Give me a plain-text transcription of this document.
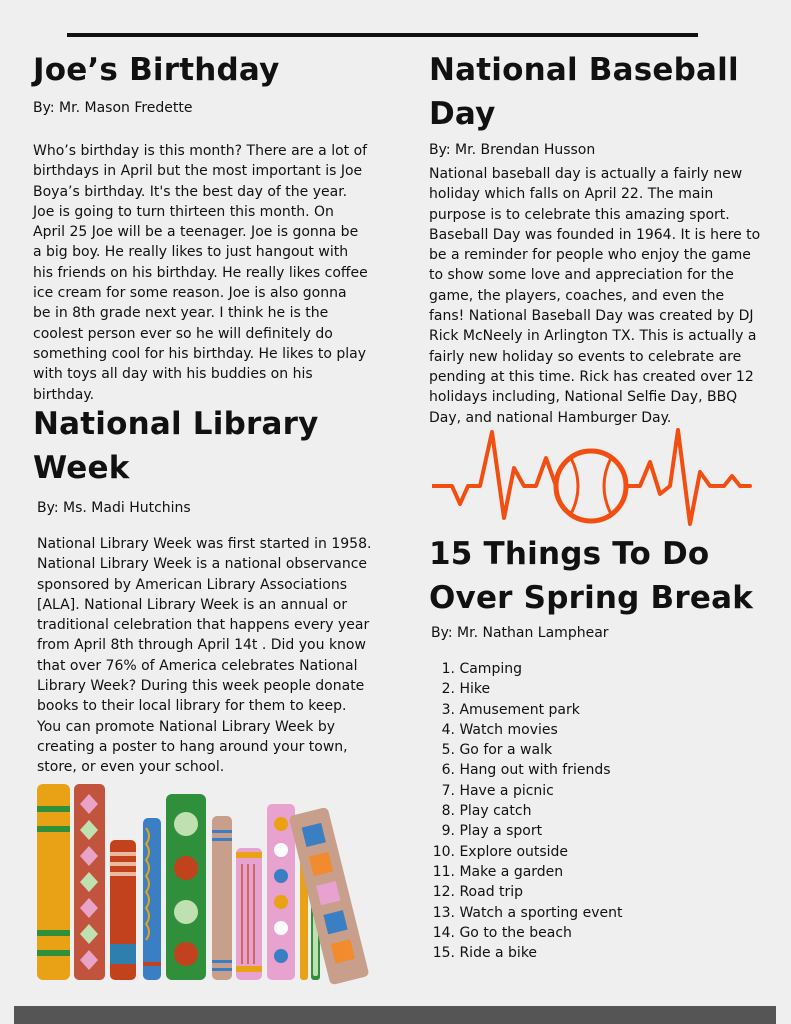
Joe’s Birthday

By: Mr. Mason Fredette

Who’s birthday is this month? There are a lot of birthdays in April but the most important is Joe Boya’s birthday. It's the best day of the year. Joe is going to turn thirteen this month. On April 25 Joe will be a teenager. Joe is gonna be a big boy. He really likes to just hangout with his friends on his birthday. He really likes coffee ice cream for some reason. Joe is also gonna be in 8th grade next year. I think he is the coolest person ever so he will definitely do something cool for his birthday. He likes to play with toys all day with his buddies on his birthday.

National Library Week

By: Ms. Madi Hutchins

National Library Week was first started in 1958. National Library Week is a national observance sponsored by American Library Associations [ALA]. National Library Week is an annual or traditional celebration that happens every year from April 8th through April 14t . Did you know that over 76% of America celebrates National Library Week? During this week people donate books to their local library for them to keep. You can promote National Library Week by creating a poster to hang around your town, store, or even your school.

National Baseball Day

By: Mr. Brendan Husson

National baseball day is actually a fairly new holiday which falls on April 22. The main purpose is to celebrate this amazing sport. Baseball Day was founded in 1964. It is here to be a reminder for people who enjoy the game to show some love and appreciation for the game, the players, coaches, and even the fans! National Baseball Day was created by DJ Rick McNeely in Arlington TX. This is actually a fairly new holiday so events to celebrate are pending at this time. Rick has created over 12 holidays including, National Selfie Day, BBQ Day, and national Hamburger Day.

15 Things To Do Over Spring Break

By: Mr. Nathan Lamphear

1. Camping
2. Hike
3. Amusement park
4. Watch movies
5. Go for a walk
6. Hang out with friends
7. Have a picnic
8. Play catch
9. Play a sport
10. Explore outside
11. Make a garden
12. Road trip
13. Watch a sporting event
14. Go to the beach
15. Ride a bike
